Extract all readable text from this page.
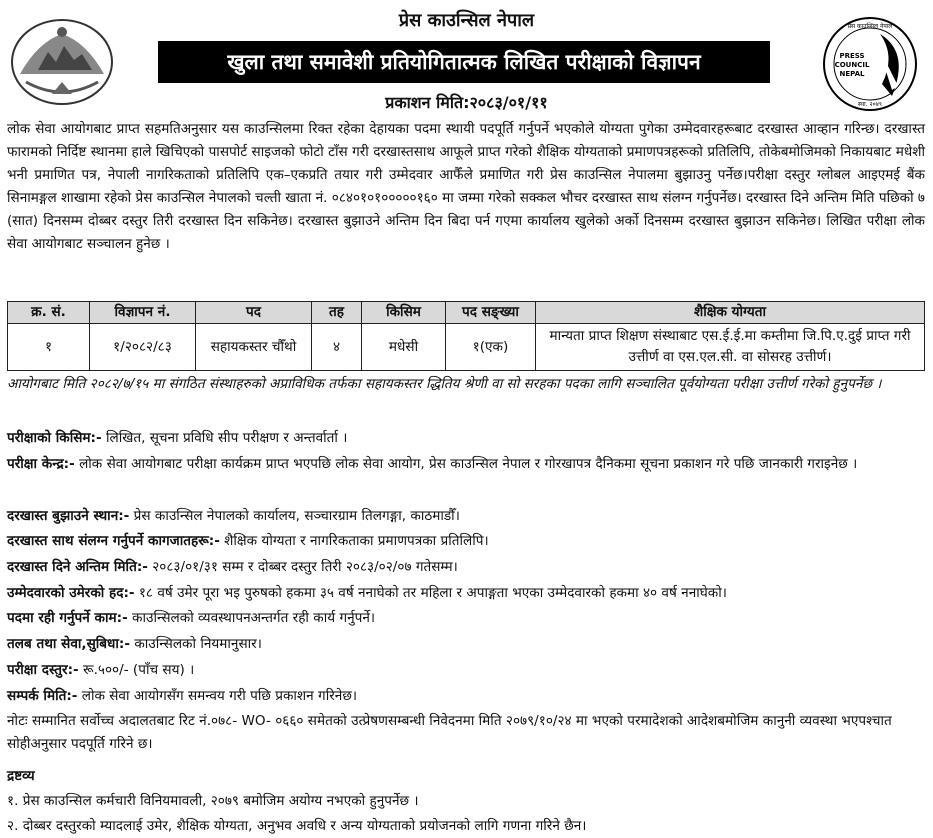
प्रेस काउन्सिल नेपाल
खुला तथा समावेशी प्रतियोगितात्मक लिखित परीक्षाको विज्ञापन
प्रकाशन मिति:२०८३/०१/११
प्रेस काउन्सिल नेपाल
PRESS
COUNCIL
NEPAL
स्था. २०४९
लोक सेवा आयोगबाट प्राप्त सहमतिअनुसार यस काउन्सिलमा रिक्त रहेका देहायका पदमा स्थायी पदपूर्ति गर्नुपर्ने भएकोले योग्यता पुगेका उम्मेदवारहरूबाट दरखास्त आव्हान गरिन्छ। दरखास्त फारामको निर्दिष्ट स्थानमा हाले खिचिएको पासपोर्ट साइजको फोटो टाँस गरी दरखास्तसाथ आफूले प्राप्त गरेको शैक्षिक योग्यताको प्रमाणपत्रहरूको प्रतिलिपि, तोकेबमोजिमको निकायबाट मधेशी भनी प्रमाणित पत्र, नेपाली नागरिकताको प्रतिलिपि एक–एकप्रति तयार गरी उम्मेदवार आफैँले प्रमाणित गरी प्रेस काउन्सिल नेपालमा बुझाउनु पर्नेछ।परीक्षा दस्तुर ग्लोबल आइएमई बैंक सिनामङ्गल शाखामा रहेको प्रेस काउन्सिल नेपालको चल्ती खाता नं. ०८४०१०१०००००१६० मा जम्मा गरेको सक्कल भौचर दरखास्त साथ संलग्न गर्नुपर्नेछ। दरखास्त दिने अन्तिम मिति पछिको ७ (सात) दिनसम्म दोब्बर दस्तुर तिरी दरखास्त दिन सकिनेछ। दरखास्त बुझाउने अन्तिम दिन बिदा पर्न गएमा कार्यालय खुलेको अर्को दिनसम्म दरखास्त बुझाउन सकिनेछ। लिखित परीक्षा लोक सेवा आयोगबाट सञ्चालन हुनेछ ।
क्र. सं.	विज्ञापन नं.	पद	तह	किसिम	पद सङ्ख्या	शैक्षिक योग्यता
१	१/२०८२/८३	सहायकस्तर चौँथो	४	मधेसी	१(एक)	मान्यता प्राप्त शिक्षण संस्थाबाट एस.ई.ई.मा कम्तीमा जि.पि.ए.दुई प्राप्त गरी उत्तीर्ण वा एस.एल.सी. वा सोसरह उत्तीर्ण।
आयोगबाट मिति २०८२/७/१५ मा संगठित संस्थाहरुको अप्राविधिक तर्फका सहायकस्तर द्धितिय श्रेणी वा सो सरहका पदका लागि सञ्चालित पूर्वयोग्यता परीक्षा उत्तीर्ण गरेको हुनुपर्नेछ ।
परीक्षाको किसिम:- लिखित, सूचना प्रविधि सीप परीक्षण र अन्तर्वार्ता ।
परीक्षा केन्द्र:- लोक सेवा आयोगबाट परीक्षा कार्यक्रम प्राप्त भएपछि लोक सेवा आयोग, प्रेस काउन्सिल नेपाल र गोरखापत्र दैनिकमा सूचना प्रकाशन गरे पछि जानकारी गराइनेछ ।
दरखास्त बुझाउने स्थान:- प्रेस काउन्सिल नेपालको कार्यालय, सञ्चारग्राम तिलगङ्गा, काठमाडौँ।
दरखास्त साथ संलग्न गर्नुपर्ने कागजातहरू:- शैक्षिक योग्यता र नागरिकताका प्रमाणपत्रका प्रतिलिपि।
दरखास्त दिने अन्तिम मिति:- २०८३/०१/३१ सम्म र दोब्बर दस्तुर तिरी २०८३/०२/०७ गतेसम्म।
उम्मेदवारको उमेरको हद:- १८ वर्ष उमेर पूरा भइ पुरुषको हकमा ३५ वर्ष ननाघेको तर महिला र अपाङ्गता भएका उम्मेदवारको हकमा ४० वर्ष ननाघेको।
पदमा रही गर्नुपर्ने काम:- काउन्सिलको व्यवस्थापनअन्तर्गत रही कार्य गर्नुपर्ने।
तलब तथा सेवा,सुबिधा:- काउन्सिलको नियमानुसार।
परीक्षा दस्तुर:- रू.५००/- (पाँच सय) ।
सम्पर्क मिति:- लोक सेवा आयोगसँग समन्वय गरी पछि प्रकाशन गरिनेछ।
नोटः सम्मानित सर्वोच्च अदालतबाट रिट नं.०७८- WO- ०६६० समेतको उत्प्रेषणसम्बन्धी निवेदनमा मिति २०७९/१०/२४ मा भएको परमादेशको आदेशबमोजिम कानुनी व्यवस्था भएपश्चात सोहीअनुसार पदपूर्ति गरिने छ।
द्रष्टव्य
१. प्रेस काउन्सिल कर्मचारी विनियमावली, २०७९ बमोजिम अयोग्य नभएको हुनुपर्नेछ ।
२. दोब्बर दस्तुरको म्यादलाई उमेर, शैक्षिक योग्यता, अनुभव अवधि र अन्य योग्यताको प्रयोजनको लागि गणना गरिने छैन।
